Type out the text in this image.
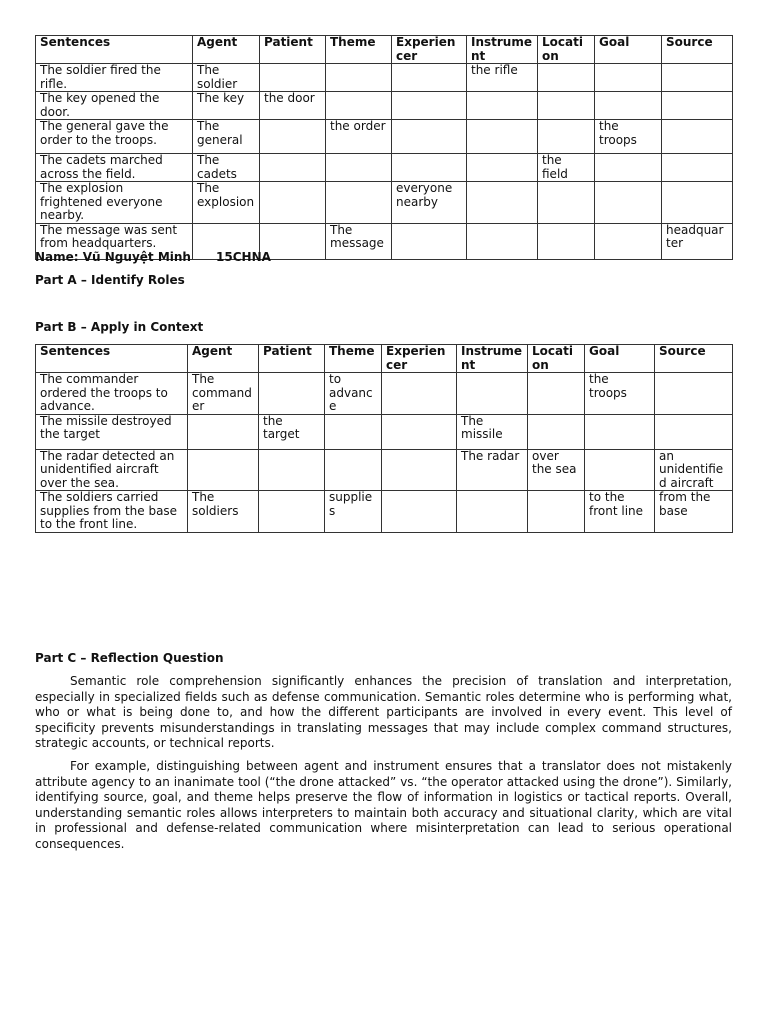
Sentences	Agent	Patient	Theme	Experiencer	Instrument	Location	Goal	Source
The soldier fired the rifle.	The soldier				the rifle			
The key opened the door.	The key	the door						
The general gave the order to the troops.	The general		the order				the troops	
The cadets marched across the field.	The cadets					the field		
The explosion frightened everyone nearby.	The explosion			everyone nearby				
The message was sent from headquarters.			The message					headquarter
Name: Vũ Nguyệt Minh      15CHNA
Part A – Identify Roles
Part B – Apply in Context
Sentences	Agent	Patient	Theme	Experiencer	Instrument	Location	Goal	Source
The commander ordered the troops to advance.	The commander		to advance				the troops	
The missile destroyed the target		the target			The missile			
The radar detected an unidentified aircraft over the sea.					The radar	over the sea		an unidentified aircraft
The soldiers carried supplies from the base to the front line.	The soldiers		supplies				to the front line	from the base
Part C – Reflection Question

Semantic role comprehension significantly enhances the precision of translation and interpretation, especially in specialized fields such as defense communication. Semantic roles determine who is performing what, who or what is being done to, and how the different participants are involved in every event. This level of specificity prevents misunderstandings in translating messages that may include complex command structures, strategic accounts, or technical reports.

For example, distinguishing between agent and instrument ensures that a translator does not mistakenly attribute agency to an inanimate tool (“the drone attacked” vs. “the operator attacked using the drone”). Similarly, identifying source, goal, and theme helps preserve the flow of information in logistics or tactical reports. Overall, understanding semantic roles allows interpreters to maintain both accuracy and situational clarity, which are vital in professional and defense-related communication where misinterpretation can lead to serious operational consequences.
